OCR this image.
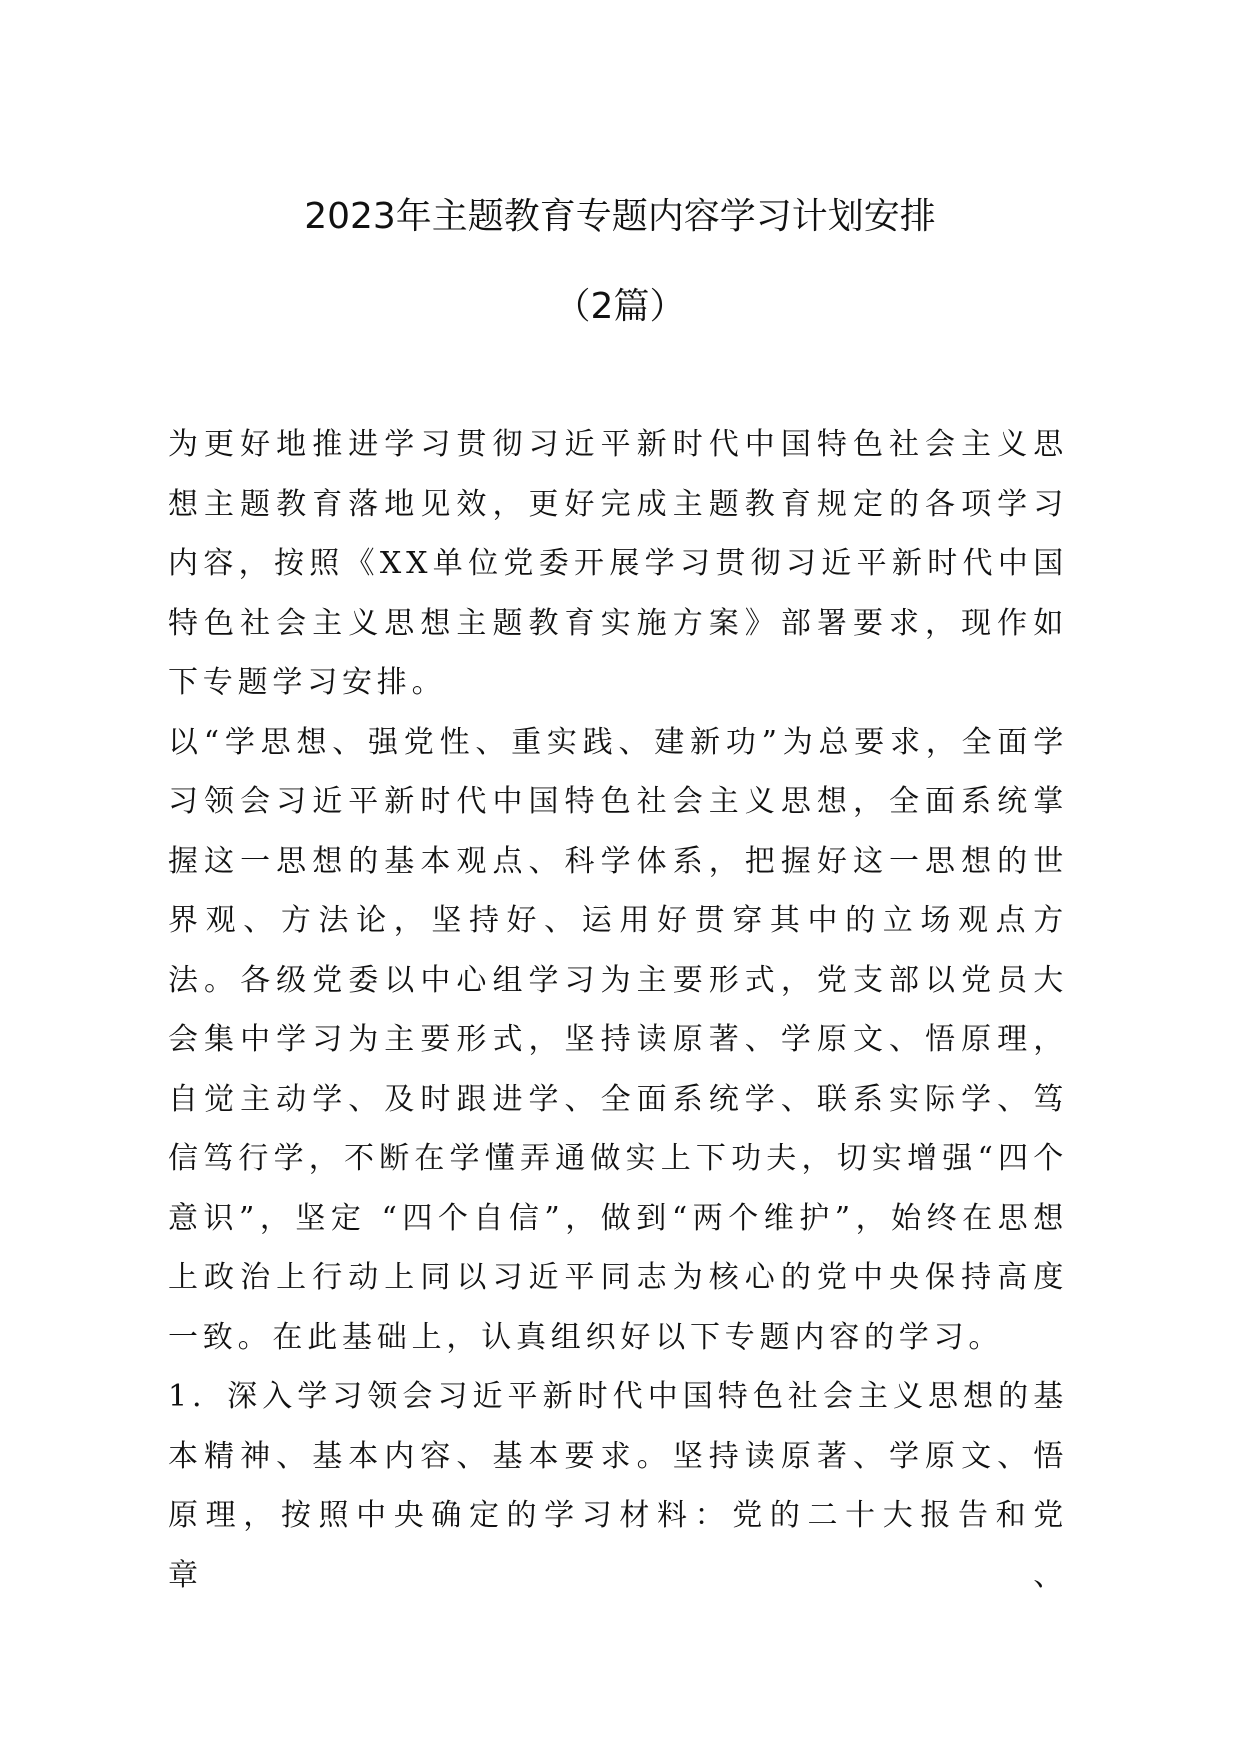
2023年主题教育专题内容学习计划安排
（2篇）

为更好地推进学习贯彻习近平新时代中国特色社会主义思想主题教育落地见效，更好完成主题教育规定的各项学习内容，按照《XX单位党委开展学习贯彻习近平新时代中国特色社会主义思想主题教育实施方案》部署要求，现作如下专题学习安排。

以“学思想、强党性、重实践、建新功”为总要求，全面学习领会习近平新时代中国特色社会主义思想，全面系统掌握这一思想的基本观点、科学体系，把握好这一思想的世界观、方法论，坚持好、运用好贯穿其中的立场观点方法。各级党委以中心组学习为主要形式，党支部以党员大会集中学习为主要形式，坚持读原著、学原文、悟原理，自觉主动学、及时跟进学、全面系统学、联系实际学、笃信笃行学，不断在学懂弄通做实上下功夫，切实增强“四个意识”，坚定 “四个自信”，做到“两个维护”，始终在思想上政治上行动上同以习近平同志为核心的党中央保持高度一致。在此基础上，认真组织好以下专题内容的学习。

1．深入学习领会习近平新时代中国特色社会主义思想的基本精神、基本内容、基本要求。坚持读原著、学原文、悟原理，按照中央确定的学习材料：党的二十大报告和党章、
